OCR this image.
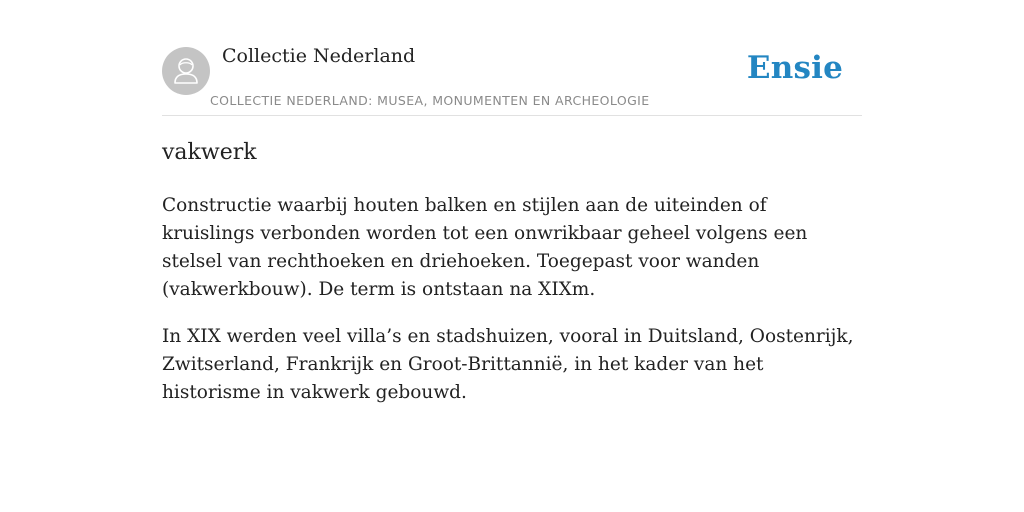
Collectie Nederland
COLLECTIE NEDERLAND: MUSEA, MONUMENTEN EN ARCHEOLOGIE
Ensie
vakwerk

Constructie waarbij houten balken en stijlen aan de uiteinden of kruislings verbonden worden tot een onwrikbaar geheel volgens een stelsel van rechthoeken en driehoeken. Toegepast voor wanden (vakwerkbouw). De term is ontstaan na XIXm.

In XIX werden veel villa’s en stadshuizen, vooral in Duitsland, Oostenrijk, Zwitserland, Frankrijk en Groot-Brittannië, in het kader van het historisme in vakwerk gebouwd.
